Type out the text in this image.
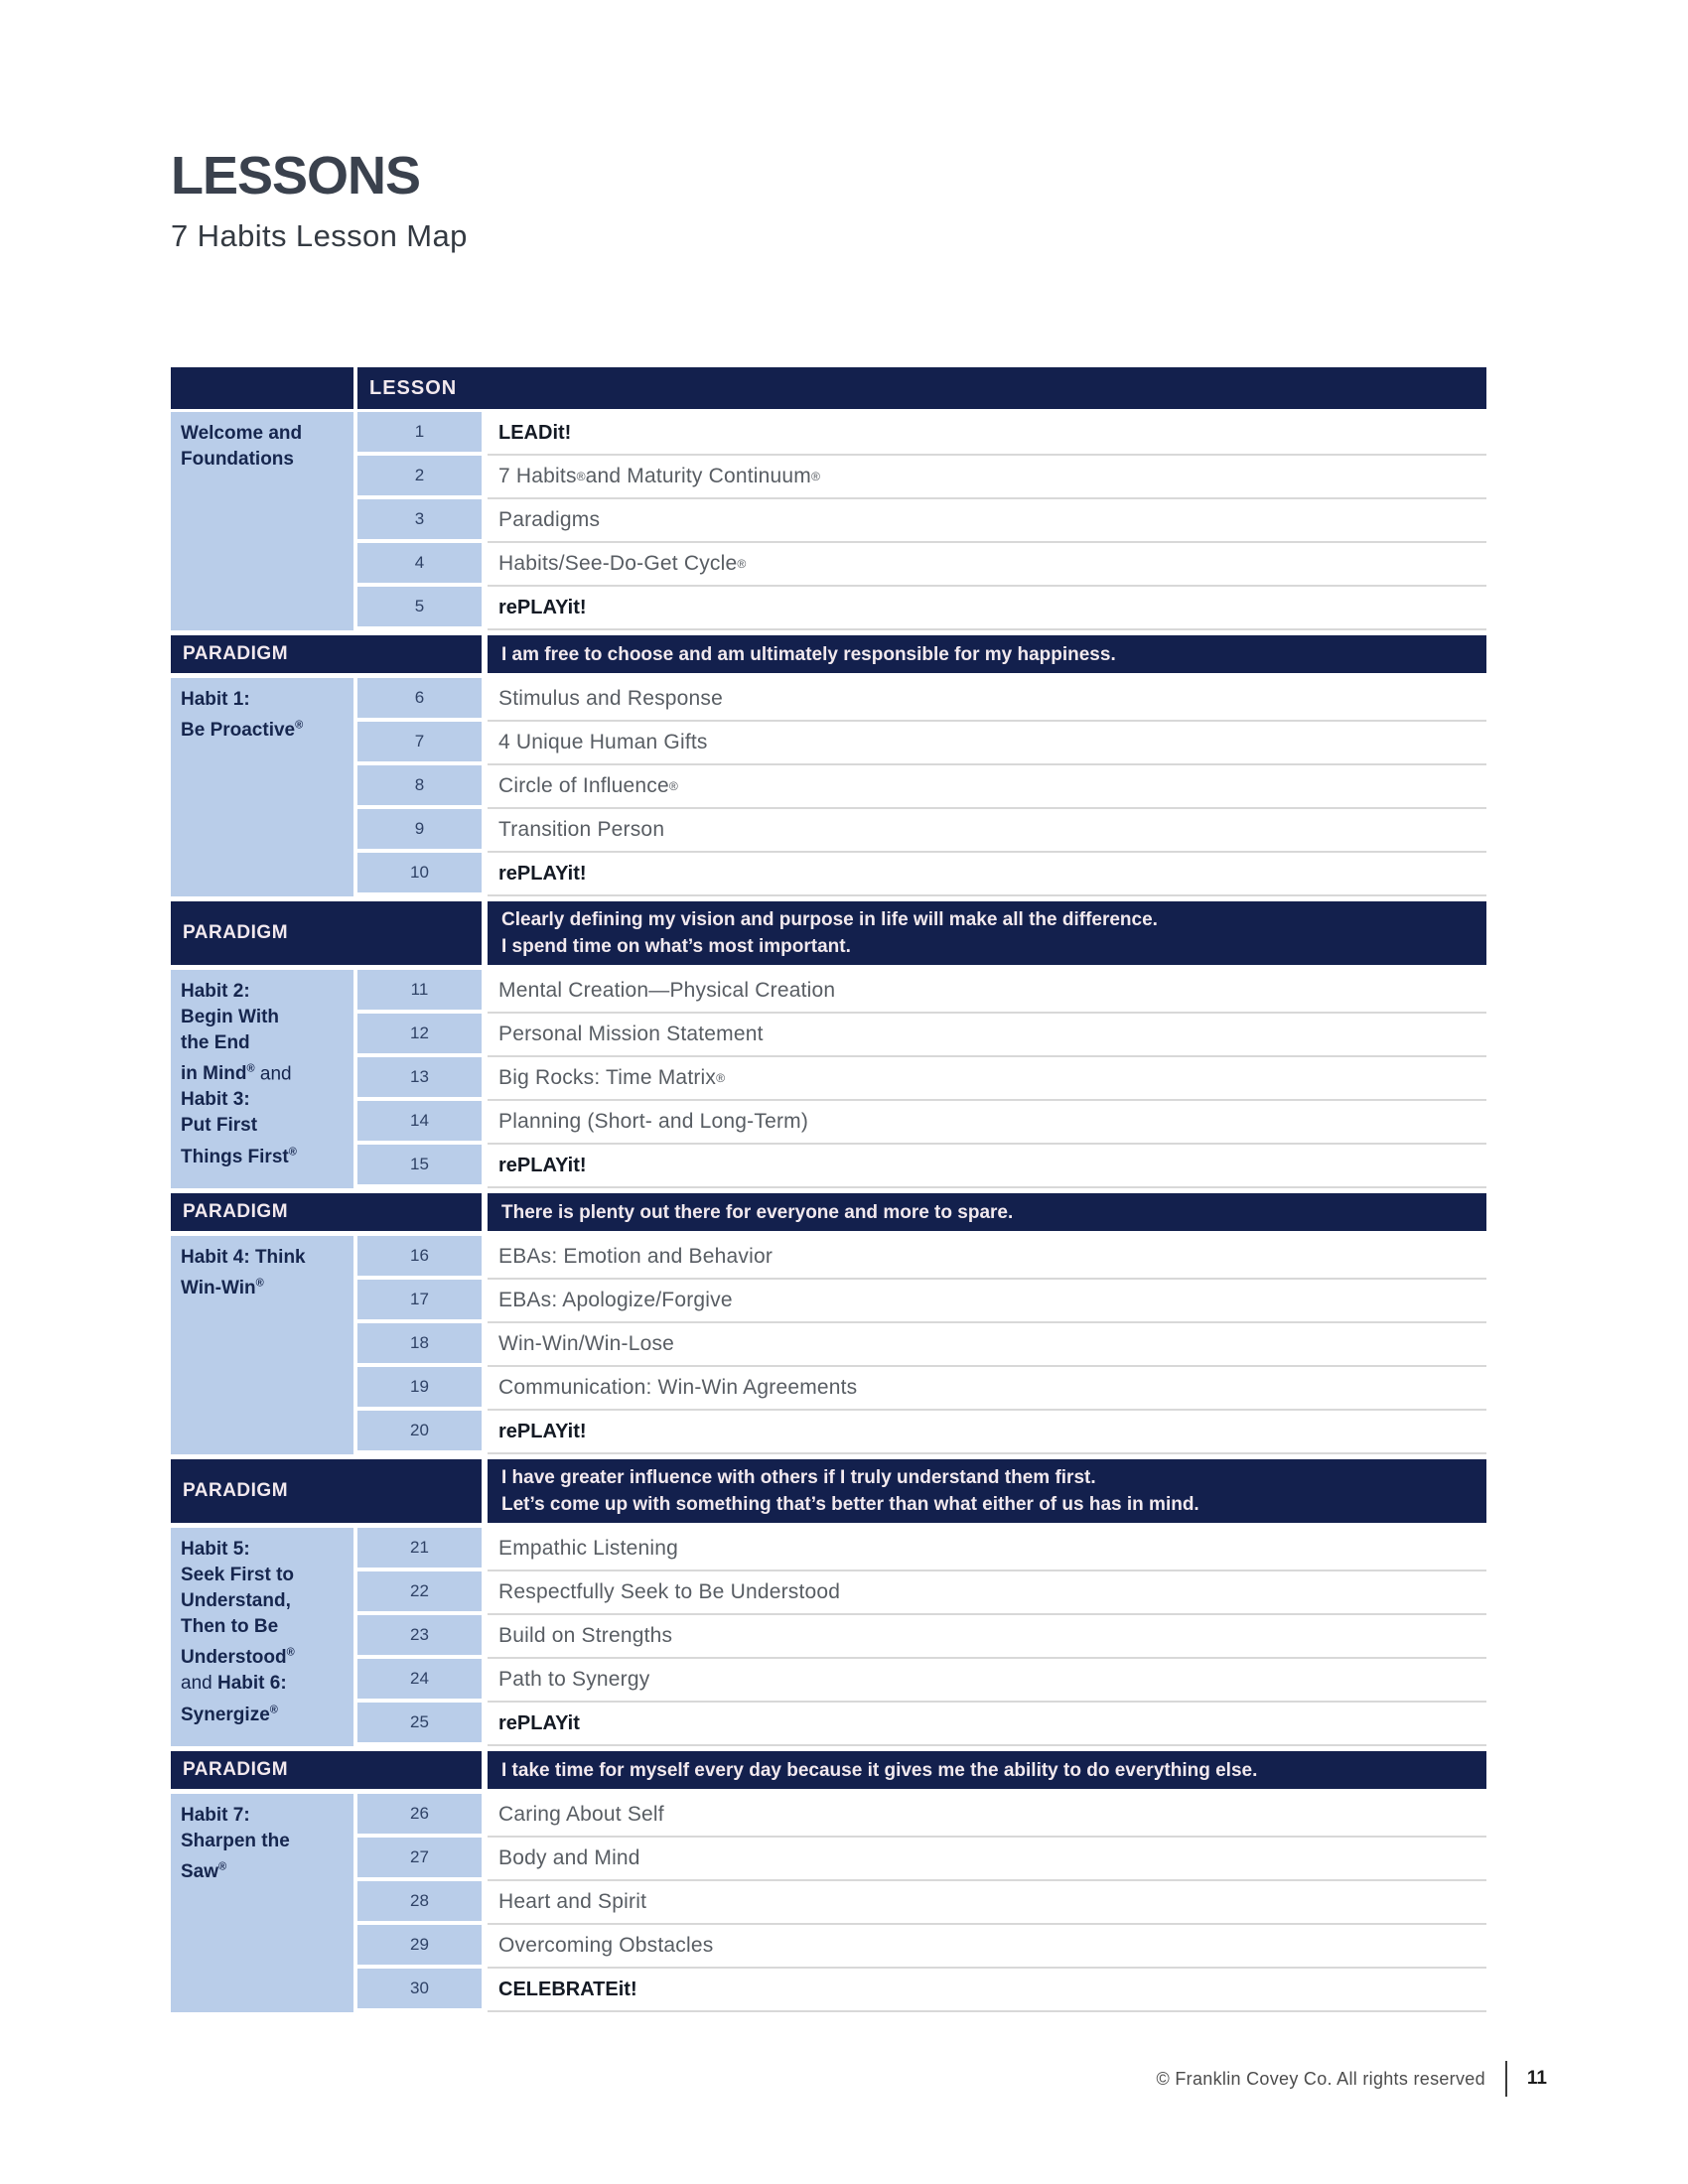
LESSONS
7 Habits Lesson Map
LESSON
Welcome and
Foundations
1	LEADit!
2	7 Habits ® and Maturity Continuum ®
3	Paradigms
4	Habits/See-Do-Get Cycle ®
5	rePLAYit!
PARADIGM	I am free to choose and am ultimately responsible for my happiness.
Habit 1:
Be Proactive®
6	Stimulus and Response
7	4 Unique Human Gifts
8	Circle of Influence ®
9	Transition Person
10	rePLAYit!
PARADIGM
Clearly defining my vision and purpose in life will make all the difference.
I spend time on what’s most important.
Habit 2:
Begin With
the End
in Mind® and
Habit 3:
Put First
Things First®
11	Mental Creation—Physical Creation
12	Personal Mission Statement
13	Big Rocks: Time Matrix ®
14	Planning (Short- and Long-Term)
15	rePLAYit!
PARADIGM	There is plenty out there for everyone and more to spare.
Habit 4: Think
Win-Win®
16	EBAs: Emotion and Behavior
17	EBAs: Apologize/Forgive
18	Win-Win/Win-Lose
19	Communication: Win-Win Agreements
20	rePLAYit!
PARADIGM
I have greater influence with others if I truly understand them first.
Let’s come up with something that’s better than what either of us has in mind.
Habit 5:
Seek First to
Understand,
Then to Be
Understood®
and Habit 6:
Synergize®
21	Empathic Listening
22	Respectfully Seek to Be Understood
23	Build on Strengths
24	Path to Synergy
25	rePLAYit
PARADIGM	I take time for myself every day because it gives me the ability to do everything else.
Habit 7:
Sharpen the
Saw®
26	Caring About Self
27	Body and Mind
28	Heart and Spirit
29	Overcoming Obstacles
30	CELEBRATEit!
© Franklin Covey Co. All rights reserved 11
